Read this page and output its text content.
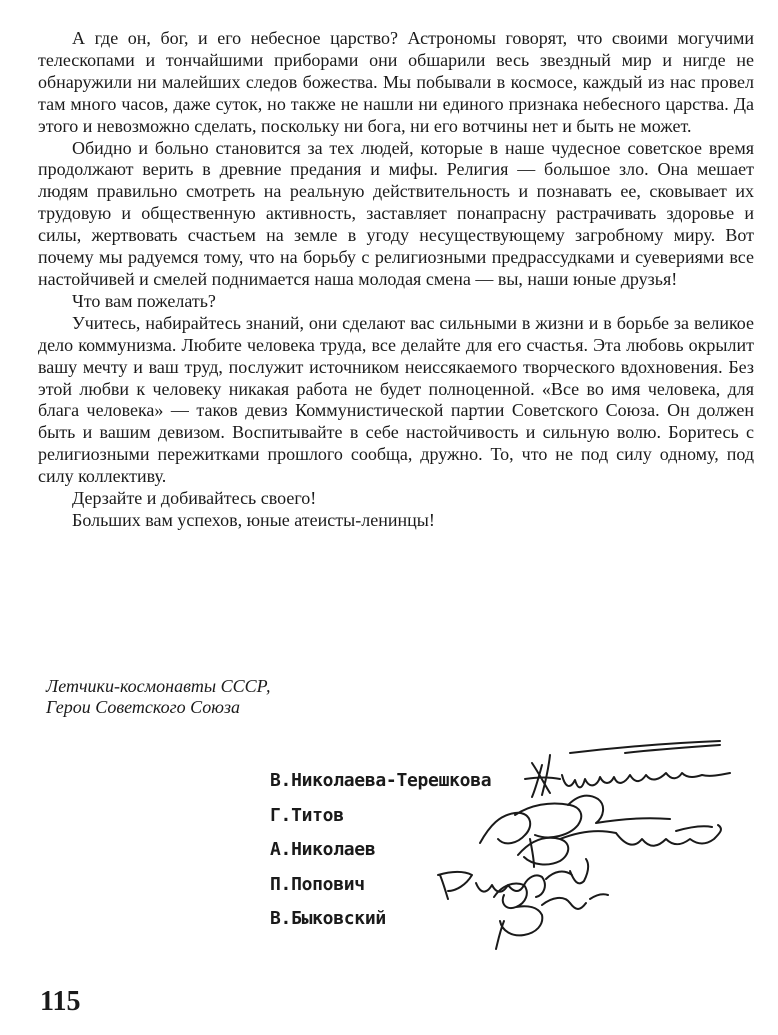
А где он, бог, и его небесное царство? Астрономы говорят, что своими могучими телескопами и тончайшими приборами они обшарили весь звездный мир и нигде не обнаружили ни малейших следов божества. Мы побывали в космосе, каждый из нас провел там много часов, даже суток, но также не нашли ни единого признака небесного царства. Да этого и невозможно сделать, поскольку ни бога, ни его вотчины нет и быть не может.

Обидно и больно становится за тех людей, которые в наше чудесное советское время продолжают верить в древние предания и мифы. Религия — большое зло. Она мешает людям правильно смотреть на реальную действительность и познавать ее, сковывает их трудовую и общественную активность, заставляет понапрасну растрачивать здоровье и силы, жертвовать счастьем на земле в угоду несуществующему загробному миру. Вот почему мы радуемся тому, что на борьбу с религиозными предрассудками и суевериями все настойчивей и смелей поднимается наша молодая смена — вы, наши юные друзья!

Что вам пожелать?

Учитесь, набирайтесь знаний, они сделают вас сильными в жизни и в борьбе за великое дело коммунизма. Любите человека труда, все делайте для его счастья. Эта любовь окрылит вашу мечту и ваш труд, послужит источником неиссякаемого творческого вдохновения. Без этой любви к человеку никакая работа не будет полноценной. «Все во имя человека, для блага человека» — таков девиз Коммунистической партии Советского Союза. Он должен быть и вашим девизом. Воспитывайте в себе настойчивость и сильную волю. Боритесь с религиозными пережитками прошлого сообща, дружно. То, что не под силу одному, под силу коллективу.

Дерзайте и добивайтесь своего!

Больших вам успехов, юные атеисты-ленинцы!

Летчики-космонавты СССР,
Герои Советского Союза
В.Николаева-Терешкова
Г.Титов
А.Николаев
П.Попович
В.Быковский
115
